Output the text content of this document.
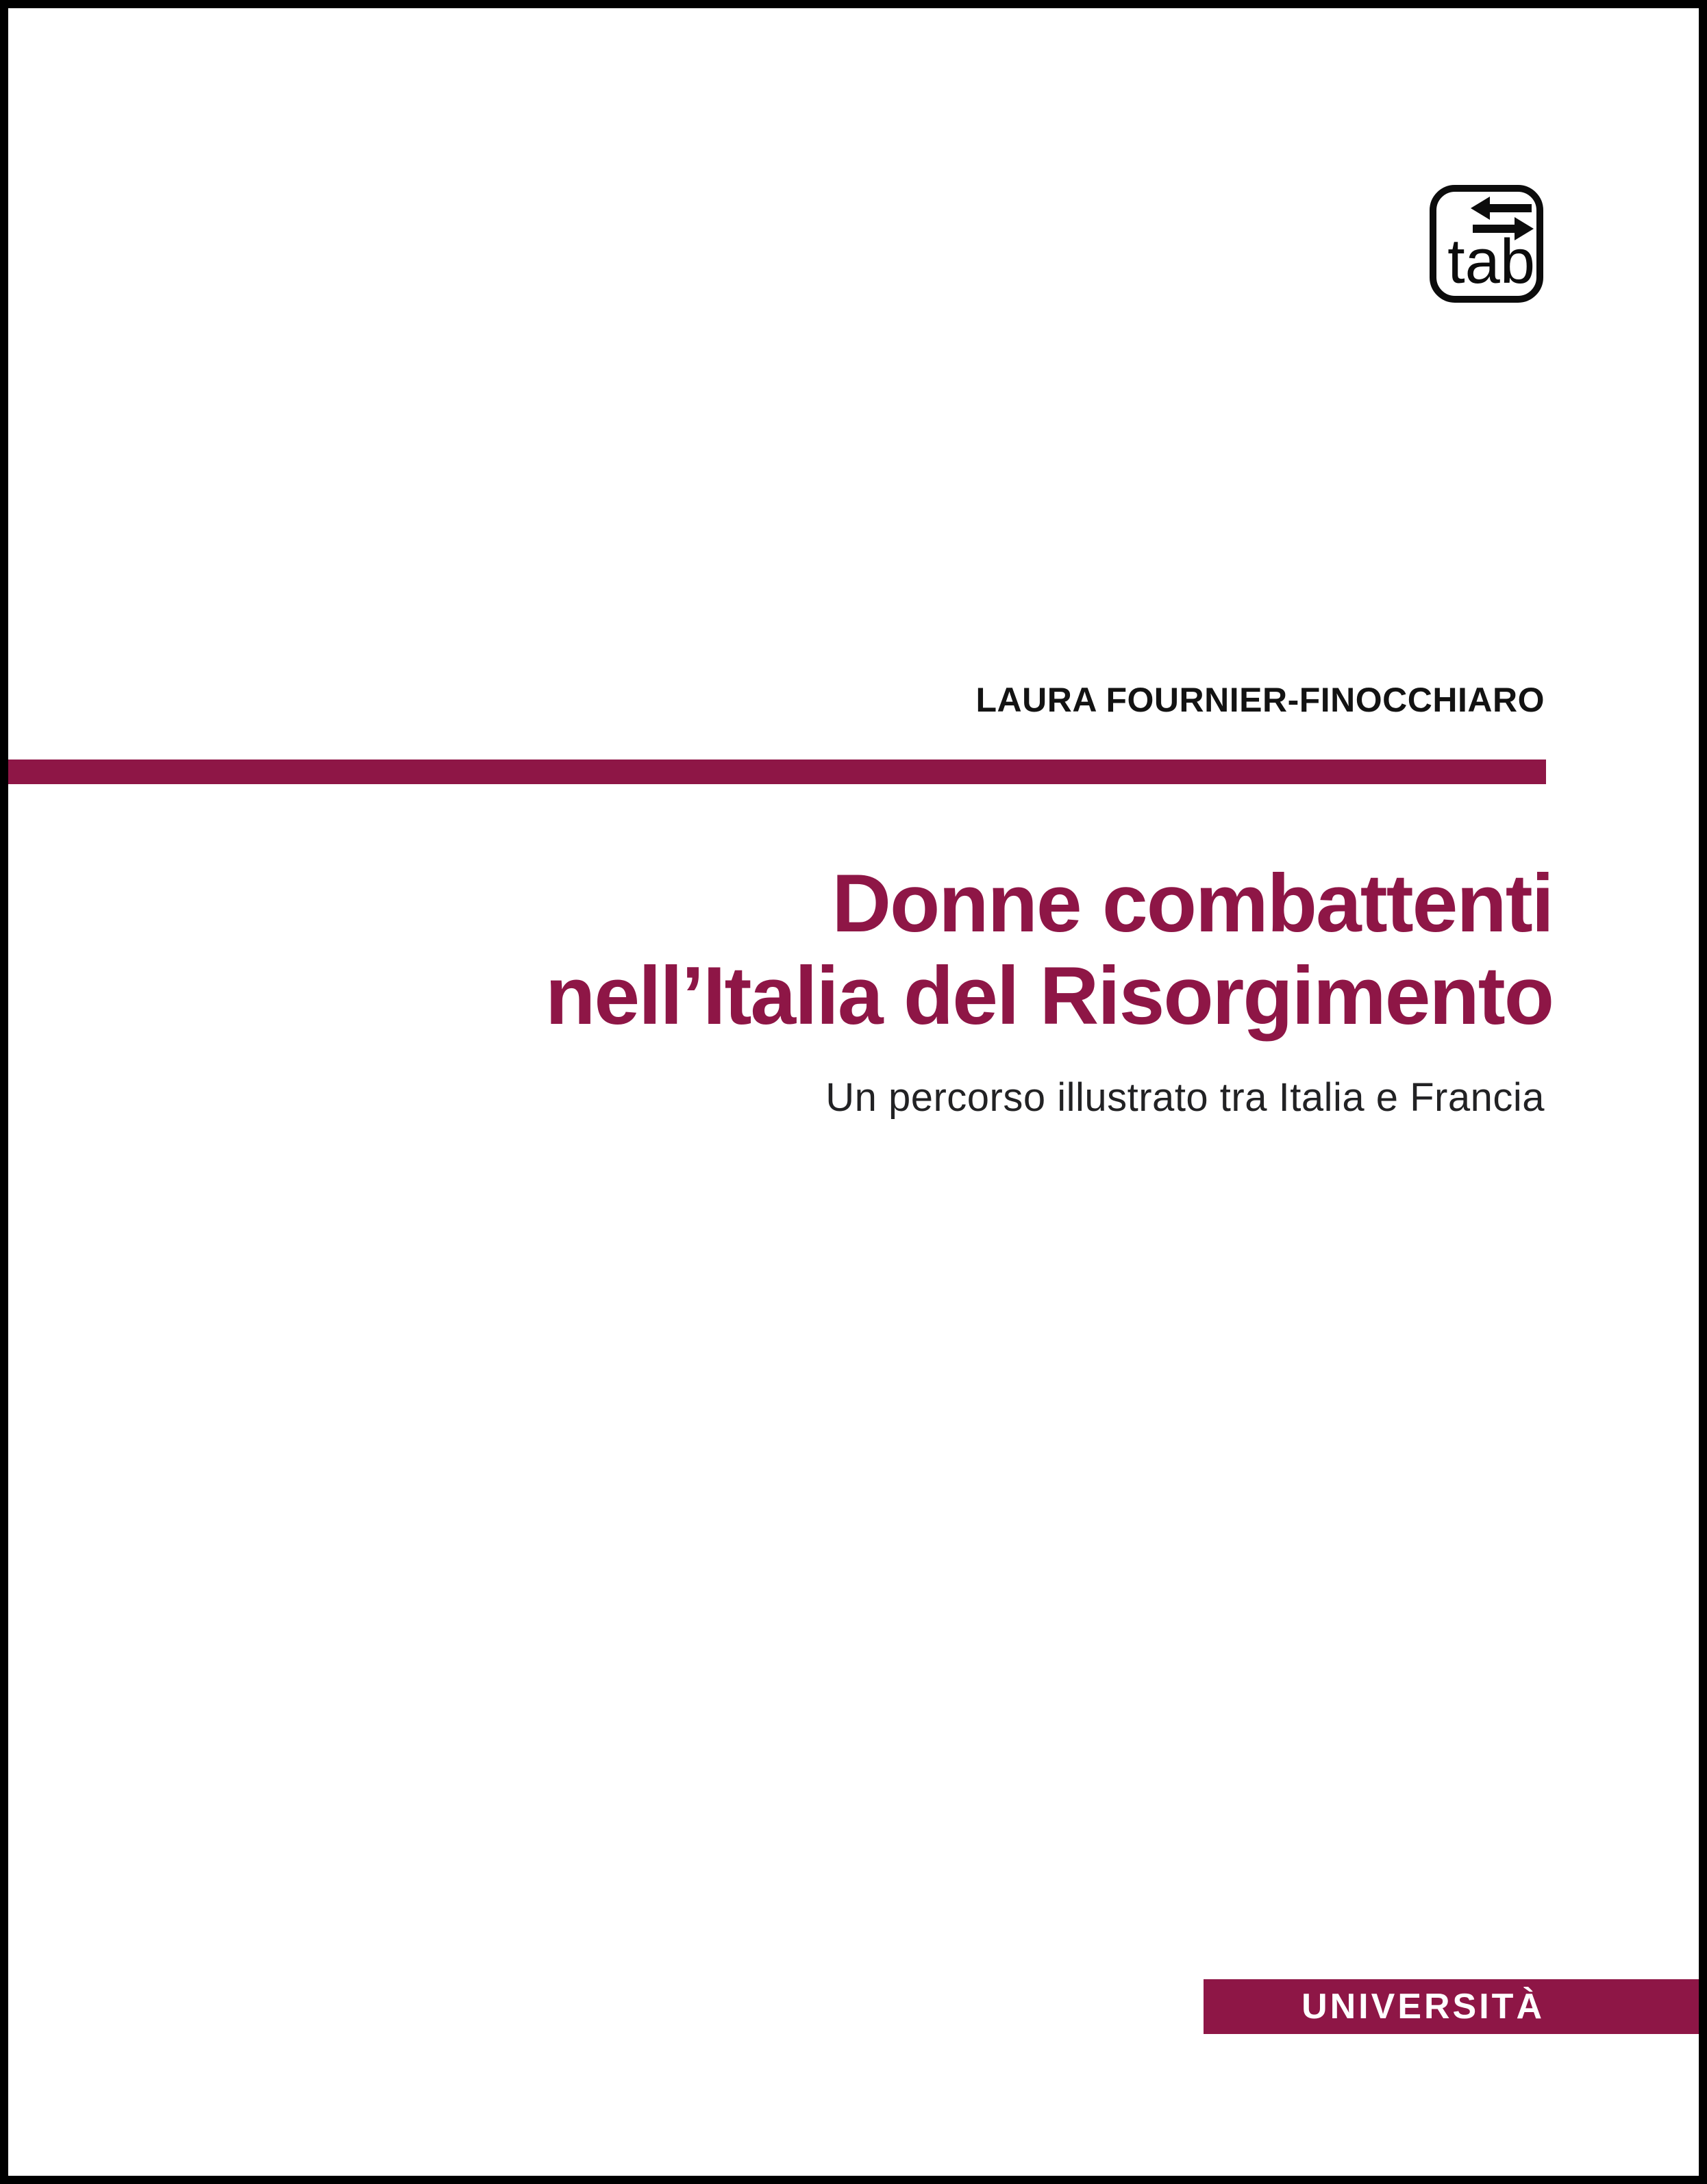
tab
LAURA FOURNIER-FINOCCHIARO
Donne combattenti
nell’Italia del Risorgimento
Un percorso illustrato tra Italia e Francia
UNIVERSITÀ
